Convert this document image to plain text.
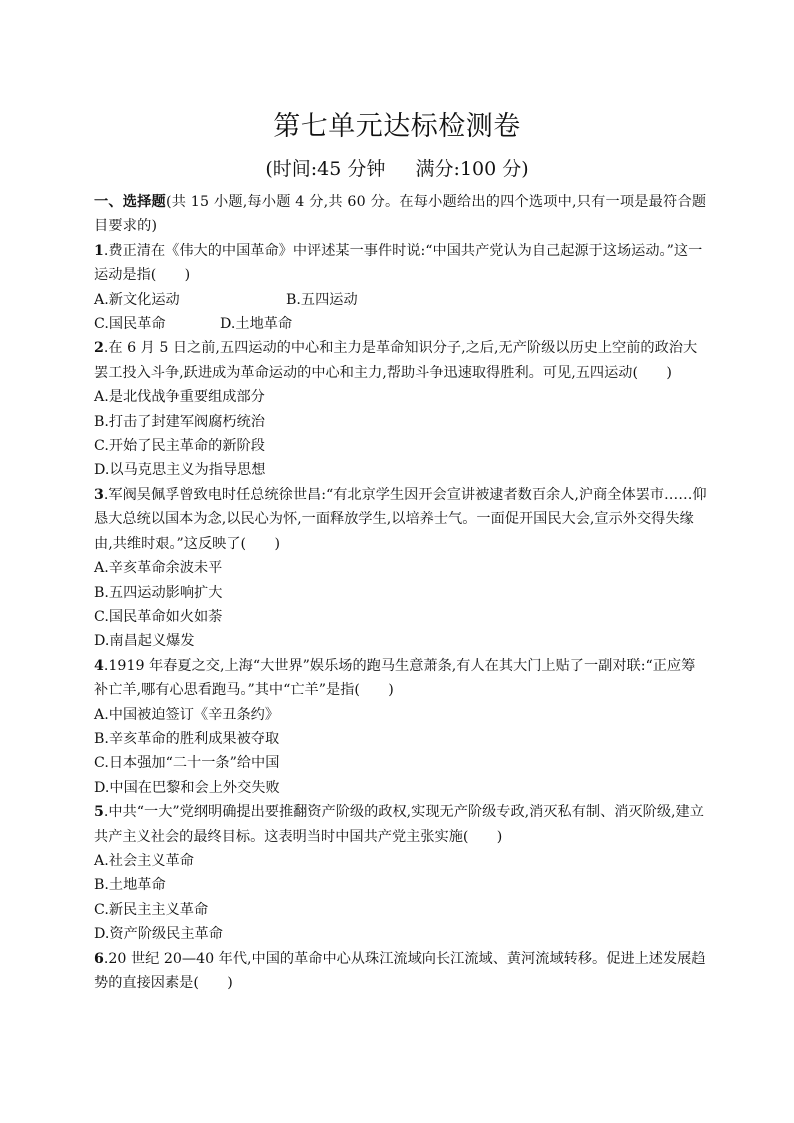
第七单元达标检测卷
(时间:45 分钟     满分:100 分)

一、选择题(共 15 小题,每小题 4 分,共 60 分。在每小题给出的四个选项中,只有一项是最符合题目要求的)

1.费正清在《伟大的中国革命》中评述某一事件时说:“中国共产党认为自己起源于这场运动。”这一运动是指(　　)

A.新文化运动	B.五四运动
C.国民革命	D.土地革命

2.在 6 月 5 日之前,五四运动的中心和主力是革命知识分子,之后,无产阶级以历史上空前的政治大罢工投入斗争,跃进成为革命运动的中心和主力,帮助斗争迅速取得胜利。可见,五四运动(　　)

A.是北伐战争重要组成部分

B.打击了封建军阀腐朽统治

C.开始了民主革命的新阶段

D.以马克思主义为指导思想

3.军阀吴佩孚曾致电时任总统徐世昌:“有北京学生因开会宣讲被逮者数百余人,沪商全体罢市……仰恳大总统以国本为念,以民心为怀,一面释放学生,以培养士气。一面促开国民大会,宣示外交得失缘由,共维时艰。”这反映了(　　)

A.辛亥革命余波未平

B.五四运动影响扩大

C.国民革命如火如荼

D.南昌起义爆发

4.1919 年春夏之交,上海“大世界”娱乐场的跑马生意萧条,有人在其大门上贴了一副对联:“正应筹补亡羊,哪有心思看跑马。”其中“亡羊”是指(　　)

A.中国被迫签订《辛丑条约》

B.辛亥革命的胜利成果被夺取

C.日本强加“二十一条”给中国

D.中国在巴黎和会上外交失败

5.中共“一大”党纲明确提出要推翻资产阶级的政权,实现无产阶级专政,消灭私有制、消灭阶级,建立共产主义社会的最终目标。这表明当时中国共产党主张实施(　　)

A.社会主义革命

B.土地革命

C.新民主主义革命

D.资产阶级民主革命

6.20 世纪 20—40 年代,中国的革命中心从珠江流域向长江流域、黄河流域转移。促进上述发展趋势的直接因素是(　　)
